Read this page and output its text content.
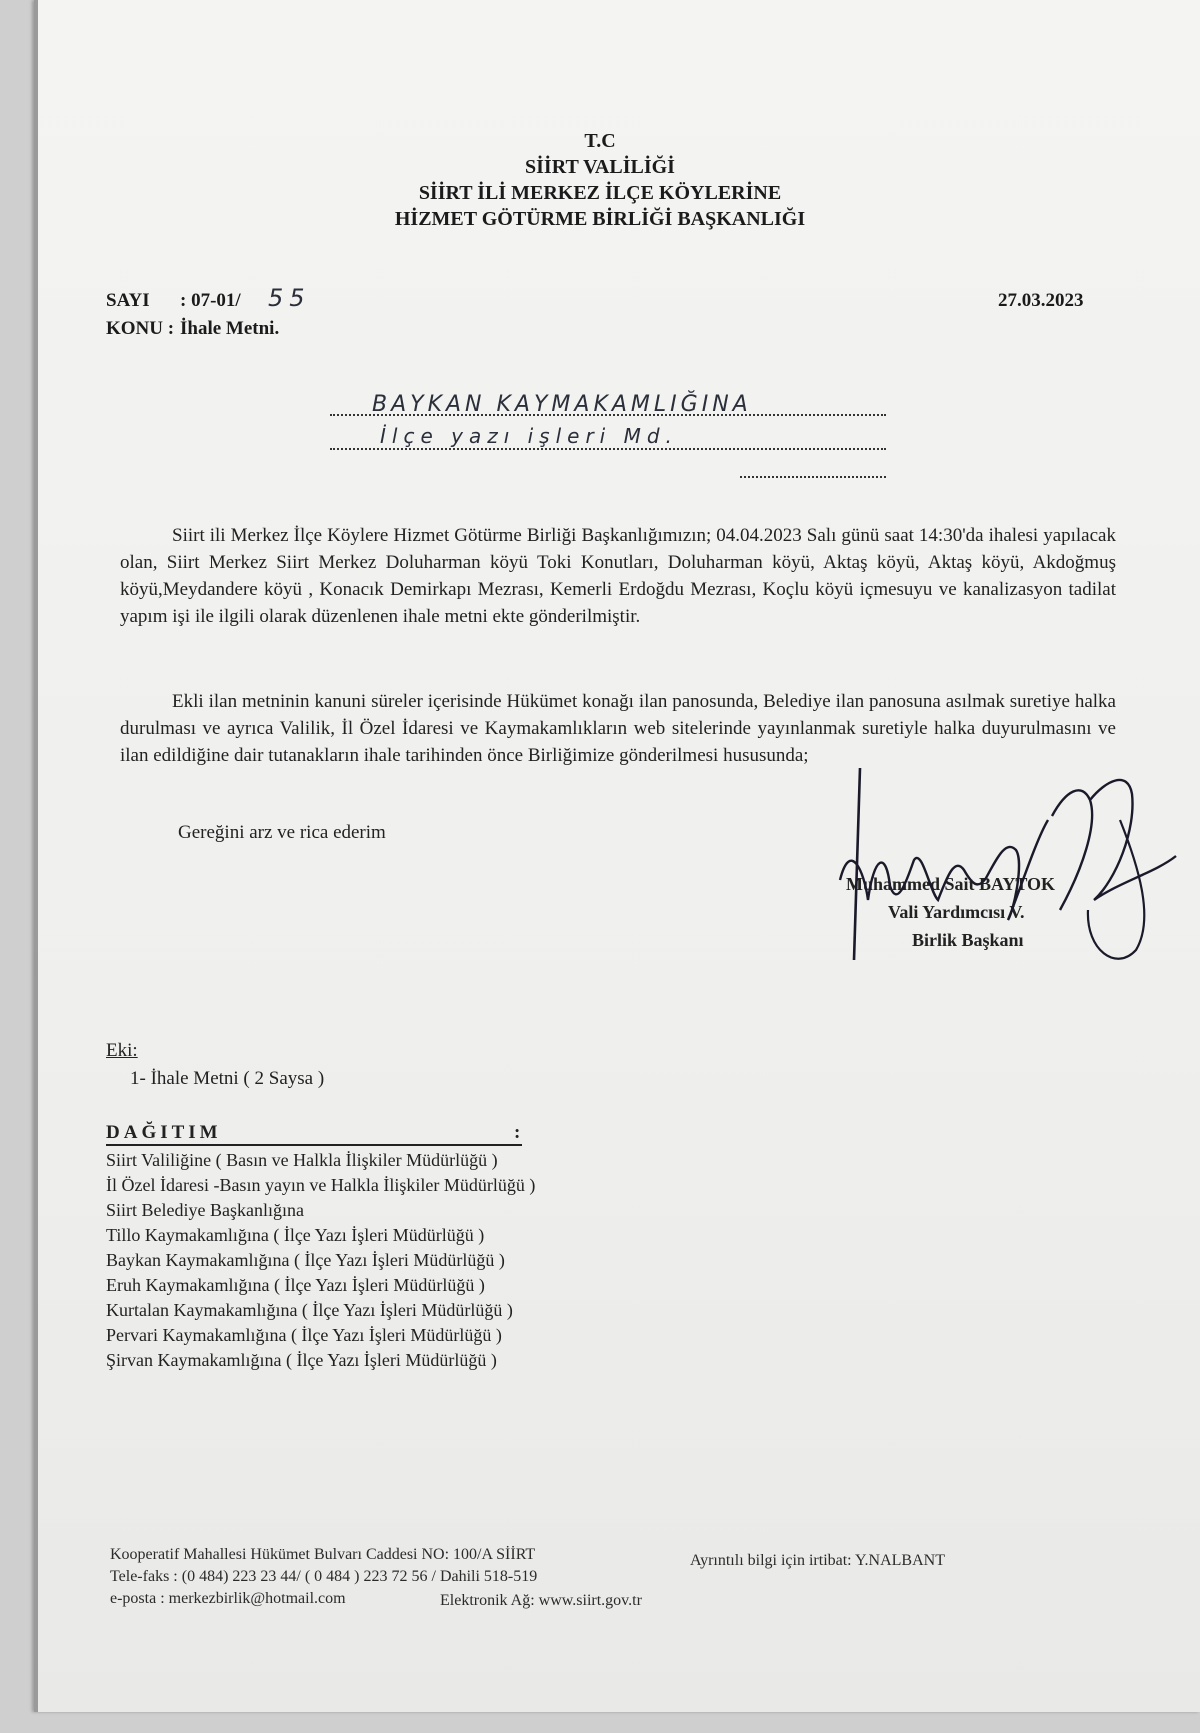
T.C
SİİRT VALİLİĞİ
SİİRT İLİ MERKEZ İLÇE KÖYLERİNE
HİZMET GÖTÜRME BİRLİĞİ BAŞKANLIĞI
SAYI : 07-01/ 55	27.03.2023
KONU : İhale Metni.
BAYKAN KAYMAKAMLIĞINA
İlçe yazı işleri Md.
Siirt ili Merkez İlçe Köylere Hizmet Götürme Birliği Başkanlığımızın; 04.04.2023 Salı günü saat 14:30'da ihalesi yapılacak olan, Siirt Merkez Siirt Merkez Doluharman köyü Toki Konutları, Doluharman köyü, Aktaş köyü, Aktaş köyü, Akdoğmuş köyü,Meydandere köyü , Konacık Demirkapı Mezrası, Kemerli Erdoğdu Mezrası, Koçlu köyü içmesuyu ve kanalizasyon tadilat yapım işi ile ilgili olarak düzenlenen ihale metni ekte gönderilmiştir.
Ekli ilan metninin kanuni süreler içerisinde Hükümet konağı ilan panosunda, Belediye ilan panosuna asılmak suretiye halka durulması ve ayrıca Valilik, İl Özel İdaresi ve Kaymakamlıkların web sitelerinde yayınlanmak suretiyle halka duyurulmasını ve ilan edildiğine dair tutanakların ihale tarihinden önce Birliğimize gönderilmesi hususunda;
Gereğini arz ve rica ederim
Muhammed Sait BAYTOK
Vali Yardımcısı V.
Birlik Başkanı
Eki:
1- İhale Metni ( 2 Saysa )
DAĞITIM	:
Siirt Valiliğine ( Basın ve Halkla İlişkiler Müdürlüğü )
İl Özel İdaresi -Basın yayın ve Halkla İlişkiler Müdürlüğü )
Siirt Belediye Başkanlığına
Tillo Kaymakamlığına ( İlçe Yazı İşleri Müdürlüğü )
Baykan Kaymakamlığına ( İlçe Yazı İşleri Müdürlüğü )
Eruh Kaymakamlığına ( İlçe Yazı İşleri Müdürlüğü )
Kurtalan Kaymakamlığına ( İlçe Yazı İşleri Müdürlüğü )
Pervari Kaymakamlığına ( İlçe Yazı İşleri Müdürlüğü )
Şirvan Kaymakamlığına ( İlçe Yazı İşleri Müdürlüğü )
Kooperatif Mahallesi Hükümet Bulvarı Caddesi NO: 100/A SİİRT	Ayrıntılı bilgi için irtibat: Y.NALBANT
Tele-faks : (0 484) 223 23 44/ ( 0 484 ) 223 72 56 / Dahili 518-519
e-posta : merkezbirlik@hotmail.com	Elektronik Ağ: www.siirt.gov.tr
